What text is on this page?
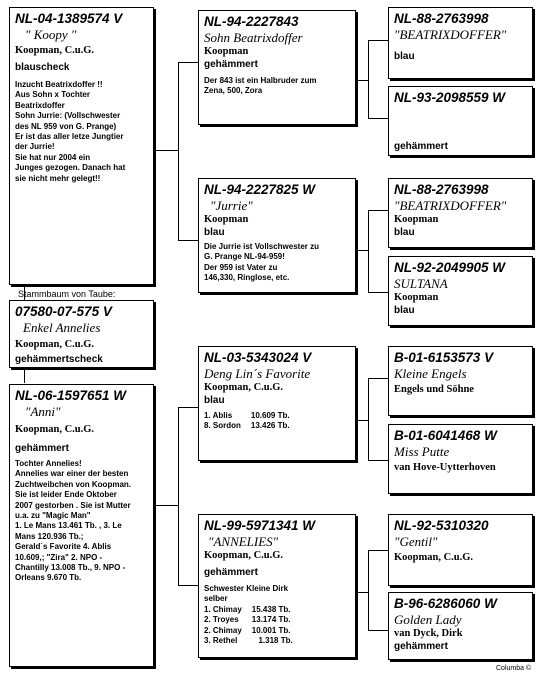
NL-04-1389574 V
" Koopy "
Koopman, C.u.G.
blauscheck
Inzucht Beatrixdoffer !!
Aus Sohn x Tochter
Beatrixdoffer
Sohn Jurrie: (Vollschwester
des NL 959 von G. Prange)
Er ist das aller letze Jungtier
der Jurrie!
Sie hat nur 2004 ein
Junges gezogen. Danach hat
sie nicht mehr gelegt!!
Stammbaum von Taube:
07580-07-575 V
Enkel Annelies
Koopman, C.u.G.
gehämmertscheck
NL-06-1597651 W
"Anni"
Koopman, C.u.G.
gehämmert
Tochter Annelies!
Annelies war einer der besten
Zuchtweibchen von Koopman.
Sie ist leider Ende Oktober
2007 gestorben . Sie ist Mutter
u.a. zu "Magic Man"
1. Le Mans 13.461 Tb. , 3. Le
Mans 120.936 Tb.;
Gerald´s Favorite 4. Ablis
10.609,; "Zira" 2. NPO -
Chantilly 13.008 Tb., 9. NPO -
Orleans 9.670 Tb.
NL-94-2227843
Sohn Beatrixdoffer
Koopman
gehämmert
Der 843 ist ein Halbruder zum
Zena, 500, Zora
NL-94-2227825 W
"Jurrie"
Koopman
blau
Die Jurrie ist Vollschwester zu
G. Prange NL-94-959!
Der 959 ist Vater zu
146,330, Ringlose, etc.
NL-03-5343024 V
Deng Lin´s Favorite
Koopman, C.u.G.
blau
1. Ablis	10.609 Tb.
8. Sordon	13.426 Tb.
NL-99-5971341 W
"ANNELIES"
Koopman, C.u.G.
gehämmert
Schwester Kleine Dirk
selber
1. Chimay	15.438 Tb.
2. Troyes	13.174 Tb.
2. Chimay	10.001 Tb.
3. Rethel	1.318 Tb.
NL-88-2763998
"BEATRIXDOFFER"
blau
NL-93-2098559 W
gehämmert
NL-88-2763998
"BEATRIXDOFFER"
Koopman
blau
NL-92-2049905 W
SULTANA
Koopman
blau
B-01-6153573 V
Kleine Engels
Engels und Söhne
B-01-6041468 W
Miss Putte
van Hove-Uytterhoven
NL-92-5310320
"Gentil"
Koopman, C.u.G.
B-96-6286060 W
Golden Lady
van Dyck, Dirk
gehämmert
Columba ©
